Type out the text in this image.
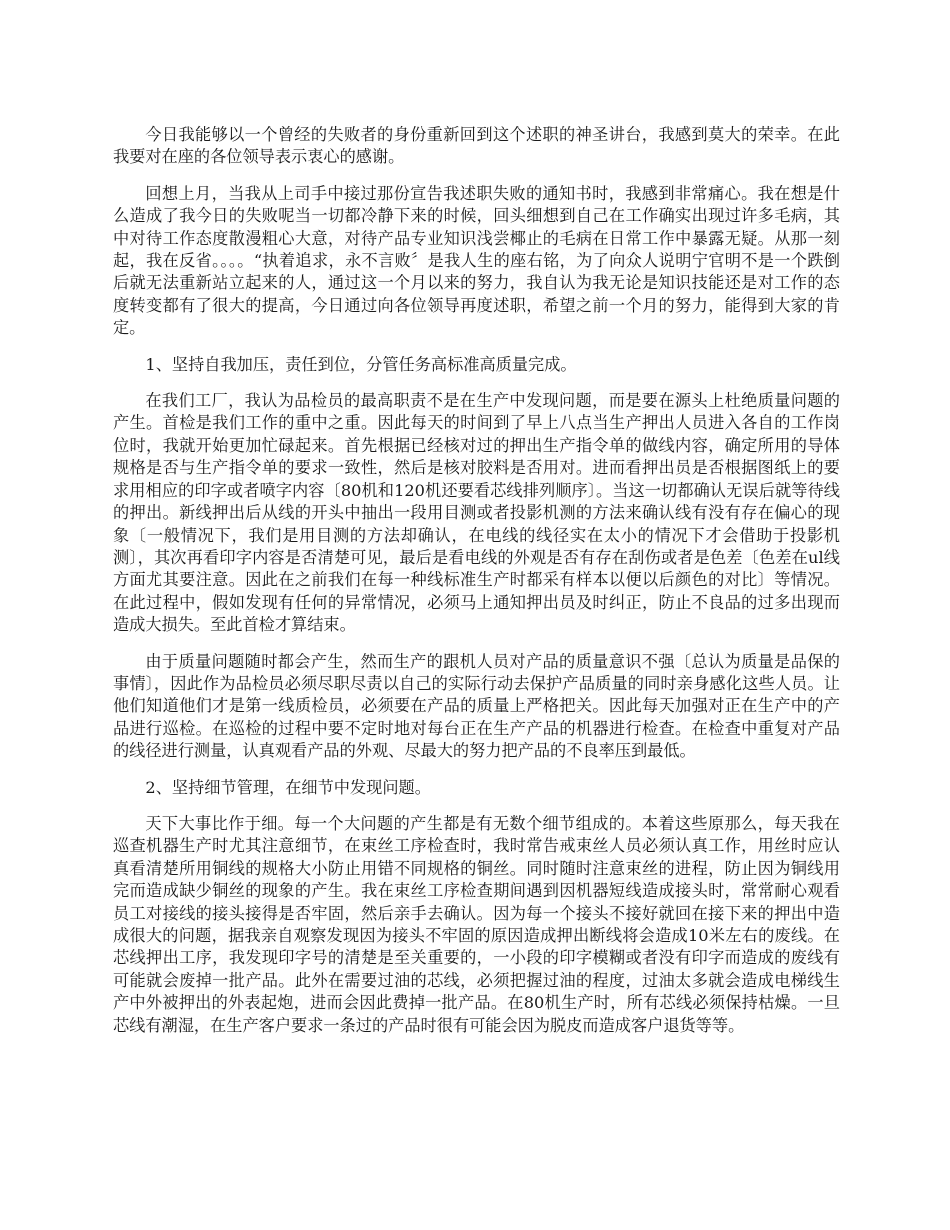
今日我能够以一个曾经的失败者的身份重新回到这个述职的神圣讲台，我感到莫大的荣幸。在此我要对在座的各位领导表示衷心的感谢。

回想上月，当我从上司手中接过那份宣告我述职失败的通知书时，我感到非常痛心。我在想是什么造成了我今日的失败呢当一切都冷静下来的时候，回头细想到自己在工作确实出现过许多毛病，其中对待工作态度散漫粗心大意，对待产品专业知识浅尝椰止的毛病在日常工作中暴露无疑。从那一刻起，我在反省。。。。“执着追求，永不言败〞是我人生的座右铭，为了向众人说明宁官明不是一个跌倒后就无法重新站立起来的人，通过这一个月以来的努力，我自认为我无论是知识技能还是对工作的态度转变都有了很大的提高，今日通过向各位领导再度述职，希望之前一个月的努力，能得到大家的肯定。

1、坚持自我加压，责任到位，分管任务高标准高质量完成。

在我们工厂，我认为品检员的最高职责不是在生产中发现问题，而是要在源头上杜绝质量问题的产生。首检是我们工作的重中之重。因此每天的时间到了早上八点当生产押出人员进入各自的工作岗位时，我就开始更加忙碌起来。首先根据已经核对过的押出生产指令单的做线内容，确定所用的导体规格是否与生产指令单的要求一致性，然后是核对胶料是否用对。进而看押出员是否根据图纸上的要求用相应的印字或者喷字内容〔80机和120机还要看芯线排列顺序〕。当这一切都确认无误后就等待线的押出。新线押出后从线的开头中抽出一段用目测或者投影机测的方法来确认线有没有存在偏心的现象〔一般情况下，我们是用目测的方法却确认，在电线的线径实在太小的情况下才会借助于投影机测〕，其次再看印字内容是否清楚可见，最后是看电线的外观是否有存在刮伤或者是色差〔色差在ul线方面尤其要注意。因此在之前我们在每一种线标准生产时都采有样本以便以后颜色的对比〕等情况。在此过程中，假如发现有任何的异常情况，必须马上通知押出员及时纠正，防止不良品的过多出现而造成大损失。至此首检才算结束。

由于质量问题随时都会产生，然而生产的跟机人员对产品的质量意识不强〔总认为质量是品保的事情〕，因此作为品检员必须尽职尽责以自己的实际行动去保护产品质量的同时亲身感化这些人员。让他们知道他们才是第一线质检员，必须要在产品的质量上严格把关。因此每天加强对正在生产中的产品进行巡检。在巡检的过程中要不定时地对每台正在生产产品的机器进行检查。在检查中重复对产品的线径进行测量，认真观看产品的外观、尽最大的努力把产品的不良率压到最低。

2、坚持细节管理，在细节中发现问题。

天下大事比作于细。每一个大问题的产生都是有无数个细节组成的。本着这些原那么，每天我在巡查机器生产时尤其注意细节，在束丝工序检查时，我时常告戒束丝人员必须认真工作，用丝时应认真看清楚所用铜线的规格大小防止用错不同规格的铜丝。同时随时注意束丝的进程，防止因为铜线用完而造成缺少铜丝的现象的产生。我在束丝工序检查期间遇到因机器短线造成接头时，常常耐心观看员工对接线的接头接得是否牢固，然后亲手去确认。因为每一个接头不接好就回在接下来的押出中造成很大的问题，据我亲自观察发现因为接头不牢固的原因造成押出断线将会造成10米左右的废线。在芯线押出工序，我发现印字号的清楚是至关重要的，一小段的印字模糊或者没有印字而造成的废线有可能就会废掉一批产品。此外在需要过油的芯线，必须把握过油的程度，过油太多就会造成电梯线生产中外被押出的外表起炮，进而会因此费掉一批产品。在80机生产时，所有芯线必须保持枯燥。一旦芯线有潮湿，在生产客户要求一条过的产品时很有可能会因为脱皮而造成客户退货等等。
